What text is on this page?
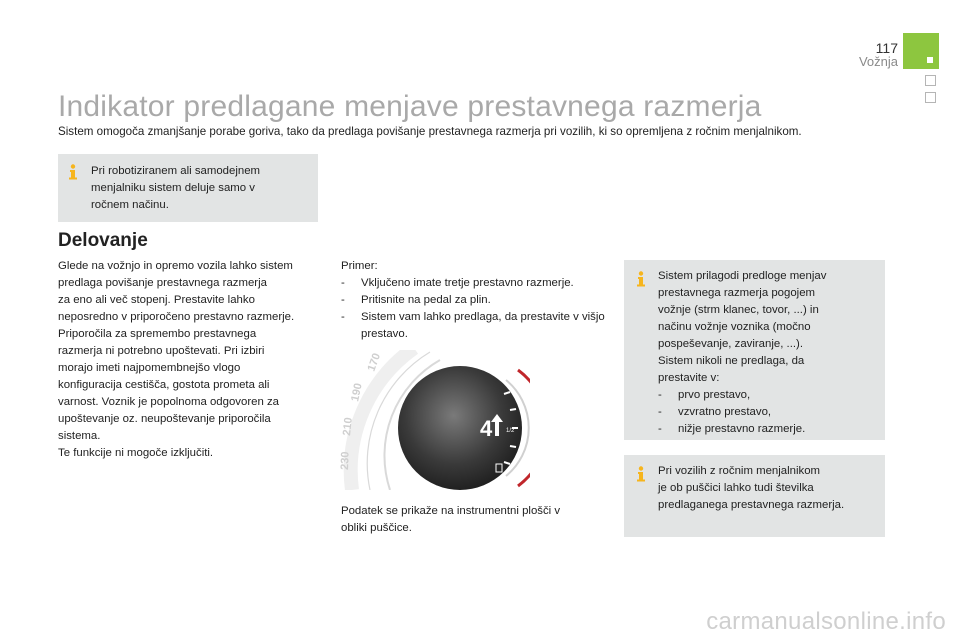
117
Vožnja
Indikator predlagane menjave prestavnega razmerja
Sistem omogoča zmanjšanje porabe goriva, tako da predlaga povišanje prestavnega razmerja pri vozilih, ki so opremljena z ročnim menjalnikom.
Pri robotiziranem ali samodejnem
menjalniku sistem deluje samo v
ročnem načinu.
Delovanje
Glede na vožnjo in opremo vozila lahko sistem
predlaga povišanje prestavnega razmerja
za eno ali več stopenj. Prestavite lahko
neposredno v priporočeno prestavno razmerje.
Priporočila za spremembo prestavnega
razmerja ni potrebno upoštevati. Pri izbiri
morajo imeti najpomembnejšo vlogo
konfiguracija cestišča, gostota prometa ali
varnost. Voznik je popolnoma odgovoren za
upoštevanje oz. neupoštevanje priporočila
sistema.
Te funkcije ni mogoče izključiti.
Primer:
- Vključeno imate tretje prestavno razmerje.
- Pritisnite na pedal za plin.
- Sistem vam lahko predlaga, da prestavite v višjo prestavo.
170
190
210
230
1/2
4
Podatek se prikaže na instrumentni plošči v
obliki puščice.
Sistem prilagodi predloge menjav
prestavnega razmerja pogojem
vožnje (strm klanec, tovor, ...) in
načinu vožnje voznika (močno
pospeševanje, zaviranje, ...).
Sistem nikoli ne predlaga, da
prestavite v:
- prvo prestavo,
- vzvratno prestavo,
- nižje prestavno razmerje.
Pri vozilih z ročnim menjalnikom
je ob puščici lahko tudi številka
predlaganega prestavnega razmerja.
carmanualsonline.info
